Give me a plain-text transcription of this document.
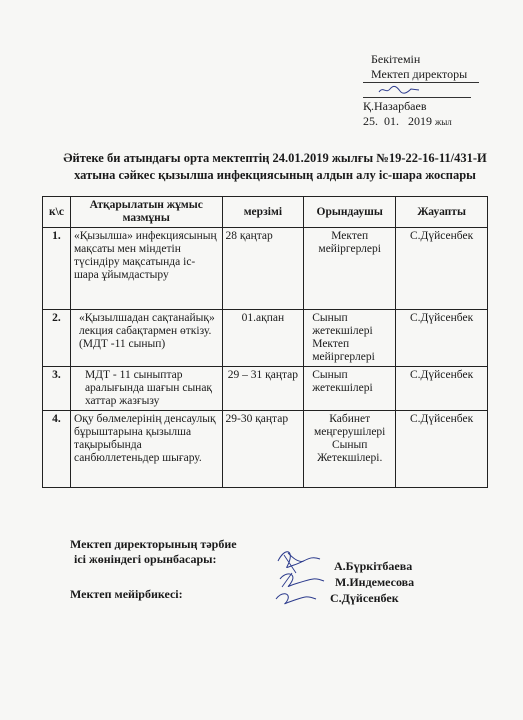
Бекітемін
Мектеп директоры
Қ.Назарбаев
25.  01.   2019 жыл
Әйтеке би атындағы орта мектептің 24.01.2019 жылғы №19-22-16-11/431-И
хатына сәйкес қызылша инфекциясының алдын алу іс-шара жоспары
к\с	Атқарылатын жұмыс мазмұны	мерзімі	Орындаушы	Жауапты
1.	«Қызылша» инфекциясының мақсаты мен міндетін түсіндіру мақсатында іс-шара ұйымдастыру	28 қаңтар	Мектеп мейіргерлері	С.Дүйсенбек
2.	«Қызылшадан сақтанайық» лекция сабақтармен өткізу.(МДТ -11 сынып)	01.ақпан	Сынып жетекшілері Мектеп мейіргерлері	С.Дүйсенбек
3.	МДТ - 11 сыныптар аралығында шағын сынақ хаттар жазғызу	29 – 31 қаңтар	Сынып жетекшілері	С.Дүйсенбек
4.	Оқу бөлмелерінің денсаулық бұрыштарына қызылша тақырыбында санбюллетеньдер шығару.	29-30 қаңтар	Кабинет меңгерушілері Сынып Жетекшілері.	С.Дүйсенбек
Мектеп директорының тәрбие
ісі жөніндегі орынбасары:
Мектеп мейірбикесі:
А.Бүркітбаева
М.Индемесова
С.Дүйсенбек
